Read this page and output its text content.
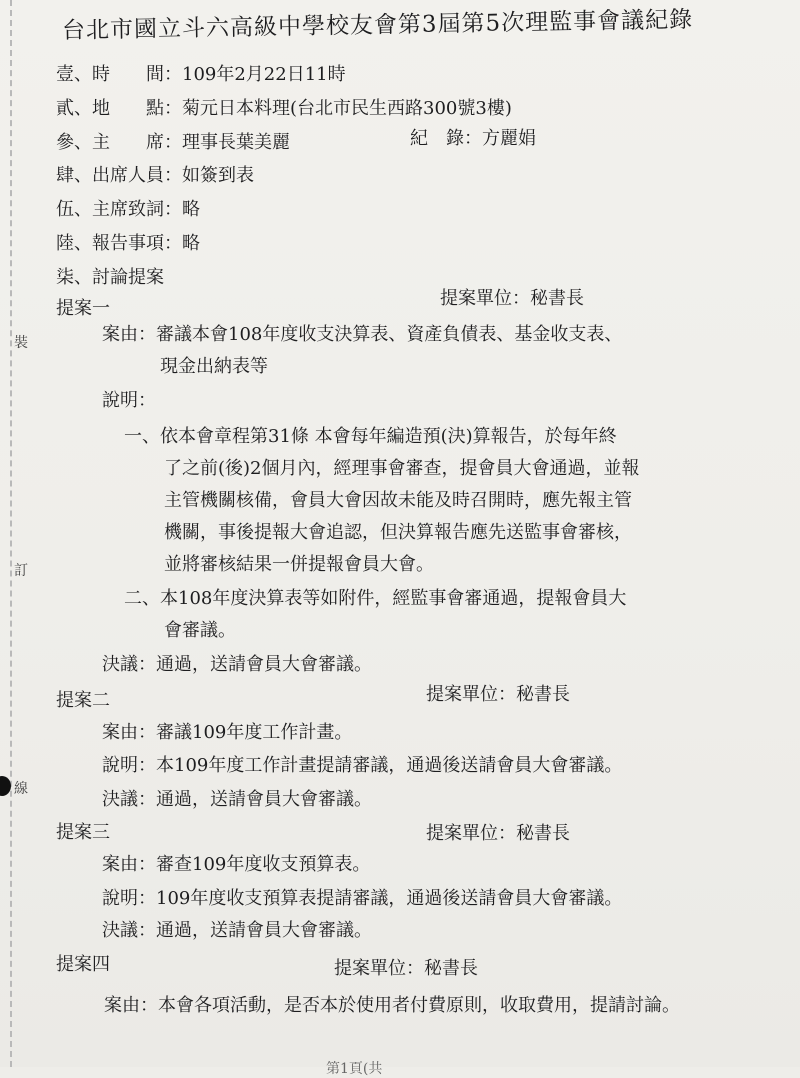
裝
訂
線
台北市國立斗六高級中學校友會第3屆第5次理監事會議紀錄
壹、時　　間：109年2月22日11時
貳、地　　點：菊元日本料理(台北市民生西路300號3樓)
參、主　　席：理事長葉美麗	紀　錄：方麗娟
肆、出席人員：如簽到表
伍、主席致詞：略
陸、報告事項：略
柒、討論提案
提案一	提案單位：秘書長
案由：審議本會108年度收支決算表、資產負債表、基金收支表、
現金出納表等
說明：
一、依本會章程第31條 本會每年編造預(決)算報告，於每年終
了之前(後)2個月內，經理事會審查，提會員大會通過，並報
主管機關核備，會員大會因故未能及時召開時，應先報主管
機關，事後提報大會追認，但決算報告應先送監事會審核，
並將審核結果一併提報會員大會。
二、本108年度決算表等如附件，經監事會審通過，提報會員大
會審議。
決議：通過，送請會員大會審議。
提案二	提案單位：秘書長
案由：審議109年度工作計畫。
說明：本109年度工作計畫提請審議，通過後送請會員大會審議。
決議：通過，送請會員大會審議。
提案三	提案單位：秘書長
案由：審查109年度收支預算表。
說明：109年度收支預算表提請審議，通過後送請會員大會審議。
決議：通過，送請會員大會審議。
提案四	提案單位：秘書長
案由：本會各項活動，是否本於使用者付費原則，收取費用，提請討論。
第1頁(共
